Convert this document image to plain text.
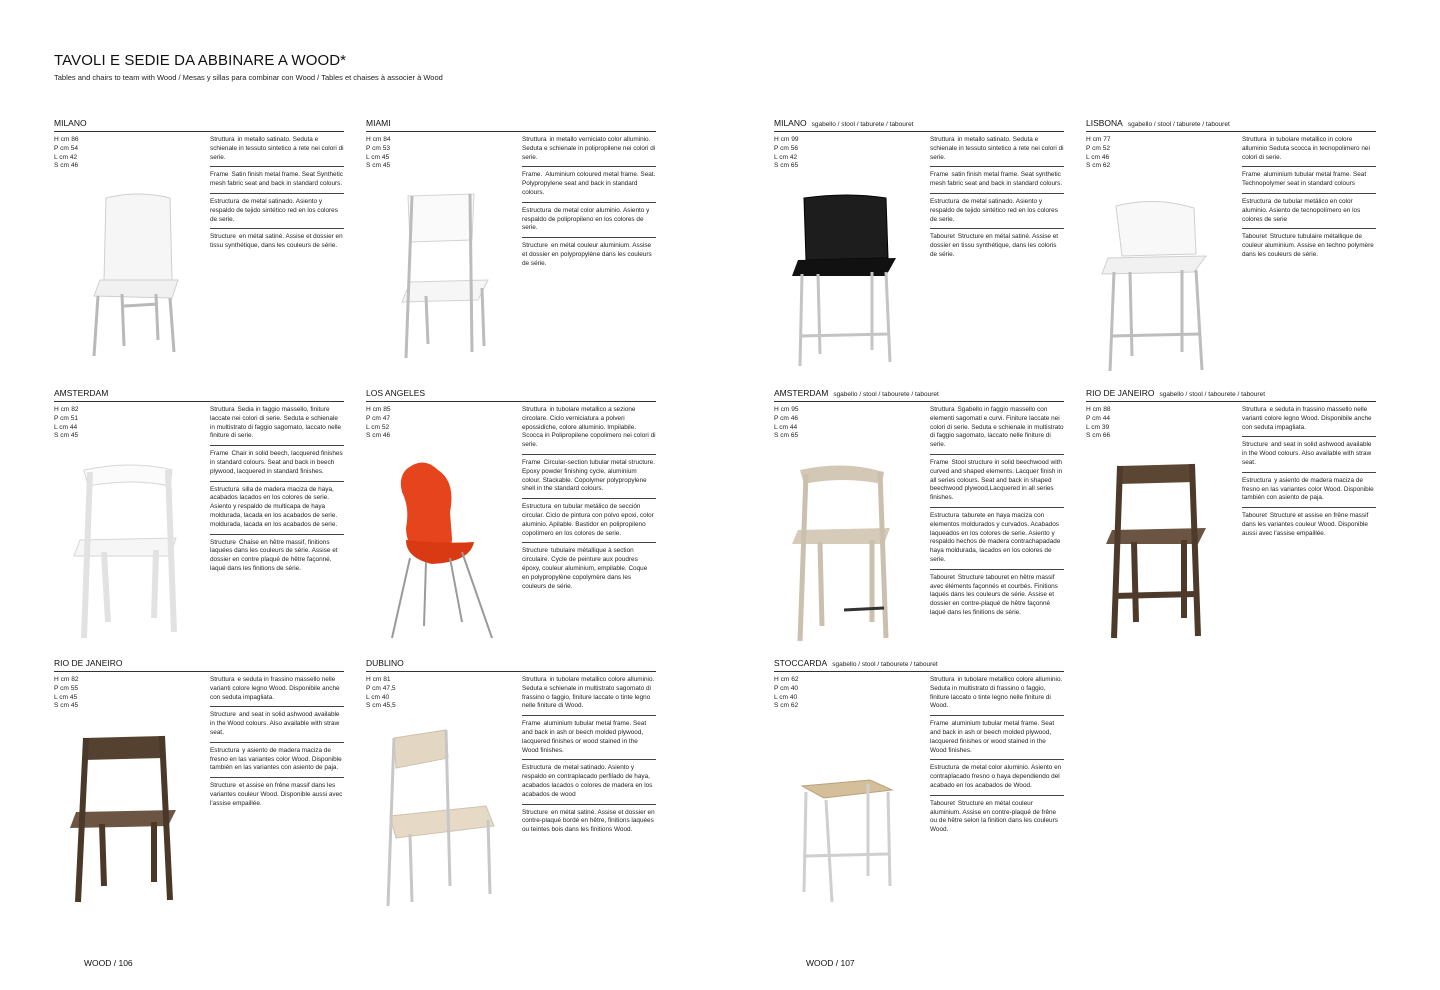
TAVOLI E SEDIE DA ABBINARE A WOOD*
Tables and chairs to team with Wood / Mesas y sillas para combinar con Wood / Tables et chaises à associer à Wood
MILANO
H cm 86
P cm 54
L cm 42
S cm 46
Struttura in metallo satinato. Seduta e schienale in tessuto sintetico a rete nei colori di serie.
Frame Satin finish metal frame. Seat Synthetic mesh fabric seat and back in standard colours.
Estructura de metal satinado. Asiento y respaldo de tejido sintético red en los colores de serie.
Structure en métal satiné. Assise et dossier en tissu synthétique, dans les couleurs de série.
MIAMI
H cm 84
P cm 53
L cm 45
S cm 45
Struttura in metallo verniciato color alluminio. Seduta e schienale in polipropilene nei colori di serie.
Frame. Aluminium coloured metal frame. Seat. Polypropylene seat and back in standard colours.
Estructura de metal color aluminio. Asiento y respaldo de polipropileno en los colores de serie.
Structure en métal couleur aluminium. Assise et dossier en polypropylène dans les couleurs de série.
MILANO sgabello / stool / taburete / tabouret
H cm 99
P cm 56
L cm 42
S cm 65
Struttura in metallo satinato. Seduta e schienale in tessuto sintetico a rete nei colori di serie.
Frame satin finish metal frame. Seat synthetic mesh fabric seat and back in standard colours.
Estructura de metal satinado. Asiento y respaldo de tejido sintético red en los colores de serie.
Tabouret Structure en métal satiné. Assise et dossier en tissu synthétique, dans les coloris de série.
LISBONA sgabello / stool / taburete / tabouret
H cm 77
P cm 52
L cm 46
S cm 62
Struttura in tubolare metallico in colore alluminio Seduta scocca in tecnopolimero nei colori di serie.
Frame aluminium tubular metal frame. Seat Technopolymer seat in standard colours
Estructura de tubular metálico en color aluminio. Asiento de tecnopolímero en los colores de serie
Tabouret Structure tubulaire métallique de couleur aluminium. Assise en techno polymère dans les couleurs de série.
AMSTERDAM
H cm 82
P cm 51
L cm 44
S cm 45
Struttura Sedia in faggio massello, finiture laccate nei colori di serie. Seduta e schienale in multistrato di faggio sagomato, laccato nelle finiture di serie.
Frame Chair in solid beech, lacquered finishes in standard colours. Seat and back in beech plywood, lacquered in standard finishes.
Estructura silla de madera maciza de haya, acabados lacados en los colores de serie. Asiento y respaldo de multicapa de haya moldurada, lacada en los acabados de serie. moldurada, lacada en los acabados de serie.
Structure Chaise en hêtre massif, finitions laquées dans les couleurs de série. Assise et dossier en contre plaqué de hêtre façonné, laqué dans les finitions de série.
LOS ANGELES
H cm 85
P cm 47
L cm 52
S cm 46
Struttura in tubolare metallico a sezione circolare. Ciclo verniciatura a polveri epossidiche, colore alluminio. Impilabile. Scocca in Polipropilene copolimero nei colori di serie.
Frame Circular-section tubular metal structure. Epoxy powder finishing cycle, aluminium colour. Stackable. Copolymer polypropylene shell in the standard colours.
Estructura en tubular metálico de sección circular. Ciclo de pintura con polvo epoxi, color aluminio. Apilable. Bastidor en polipropileno copolímero en los colores de serie.
Structure tubulaire métallique à section circulaire. Cycle de peinture aux poudres époxy, couleur aluminium, empilable. Coque en polypropylène copolymère dans les couleurs de série.
AMSTERDAM sgabello / stool / tabourete / tabouret
H cm 95
P cm 46
L cm 44
S cm 65
Struttura Sgabello in faggio massello con elementi sagomati e curvi. Finiture laccate nei colori di serie. Seduta e schienale in multistrato di faggio sagomato, laccato nelle finiture di serie.
Frame Stool structure in solid beechwood with curved and shaped elements. Lacquer finish in all series colours. Seat and back in shaped beechwood plywood,Lacquered in all series finishes.
Estructura taburete en haya maciza con elementos moldurados y curvados. Acabados laqueados en los colores de serie. Asiento y respaldo hechos de madera contrachapadade haya moldurada, lacados en los colores de serie.
Tabouret Structure tabouret en hêtre massif avec éléments façonnés et courbés. Finitions laqués dans les couleurs de série. Assise et dossier en contre-plaqué de hêtre façonné laqué dans les finitions de série.
RIO DE JANEIRO sgabello / stool / tabourete / tabouret
H cm 88
P cm 44
L cm 39
S cm 66
Struttura e seduta in frassino massello nelle varianti colore legno Wood. Disponibile anche con seduta impagliata.
Structure and seat in solid ashwood available in the Wood colours. Also available with straw seat.
Estructura y asiento de madera maciza de fresno en las variantes color Wood. Disponible también con asiento de paja.
Tabouret Structure et assise en frêne massif dans les variantes couleur Wood. Disponible aussi avec l'assise empaillée.
RIO DE JANEIRO
H cm 82
P cm 55
L cm 45
S cm 45
Struttura e seduta in frassino massello nelle varianti colore legno Wood. Disponibile anche con seduta impagliata.
Structure and seat in solid ashwood available in the Wood colours. Also available with straw seat.
Estructura y asiento de madera maciza de fresno en las variantes color Wood. Disponible también en las variantes con asiento de paja.
Structure et assise en frêne massif dans les variantes couleur Wood. Disponible aussi avec l'assise empaillée.
DUBLINO
H cm 81
P cm 47,5
L cm 40
S cm 45,5
Struttura in tubolare metallico colore alluminio. Seduta e schienale in multistrato sagomato di frassino o faggio, finiture laccate o tinte legno nelle finiture di Wood.
Frame aluminium tubular metal frame. Seat and back in ash or beech molded plywood, lacquered finishes or wood stained in the Wood finishes.
Estructura de metal satinado. Asiento y respaldo en contraplacado perfilado de haya, acabados lacados o colores de madera en los acabados de wood
Structure en métal satiné. Assise et dossier en contre-plaqué bordé en hêtre, finitions laquées ou teintes bois dans les finitions Wood.
STOCCARDA sgabello / stool / tabourete / tabouret
H cm 62
P cm 40
L cm 40
S cm 62
Struttura in tubolare metallico colore alluminio. Seduta in multistrato di frassino o faggio, finiture laccato o tinte legno nelle finiture di Wood.
Frame aluminium tubular metal frame. Seat and back in ash or beech molded plywood, lacquered finishes or wood stained in the Wood finishes.
Estructura de metal color aluminio. Asiento en contraplacado fresno o haya dependiendo del acabado en los acabados de Wood.
Tabouret Structure en métal couleur aluminium. Assise en contre-plaqué de frêne ou de hêtre selon la finition dans les couleurs Wood.
WOOD / 106	WOOD / 107
